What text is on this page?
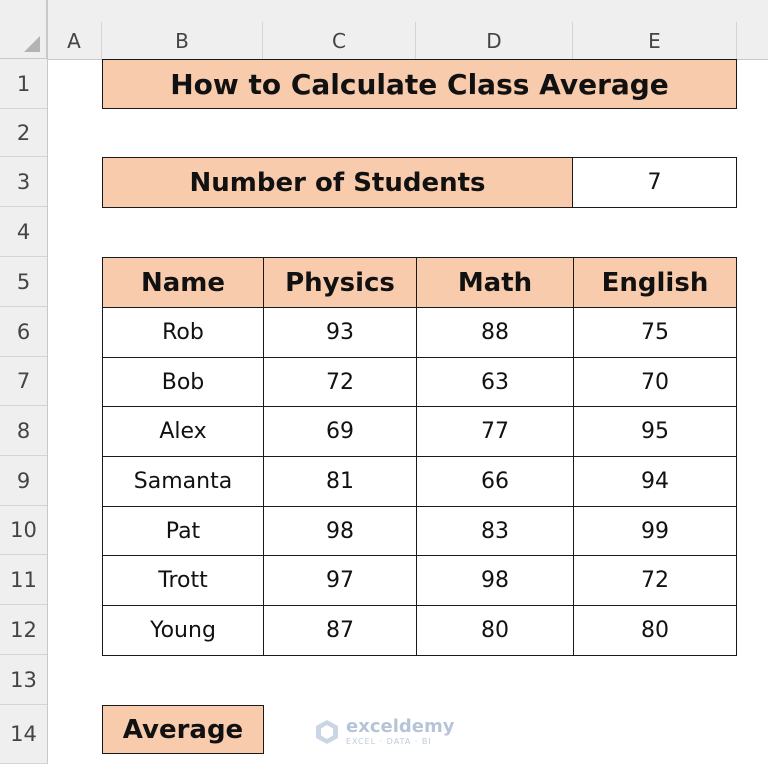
A	B	C	D	E
1
2
3
4
5
6
7
8
9
10
11
12
13
14
How to Calculate Class Average
Number of Students	7
Name	Physics	Math	English
Rob	93	88	75
Bob	72	63	70
Alex	69	77	95
Samanta	81	66	94
Pat	98	83	99
Trott	97	98	72
Young	87	80	80
Average	exceldemy
EXCEL · DATA · BI
